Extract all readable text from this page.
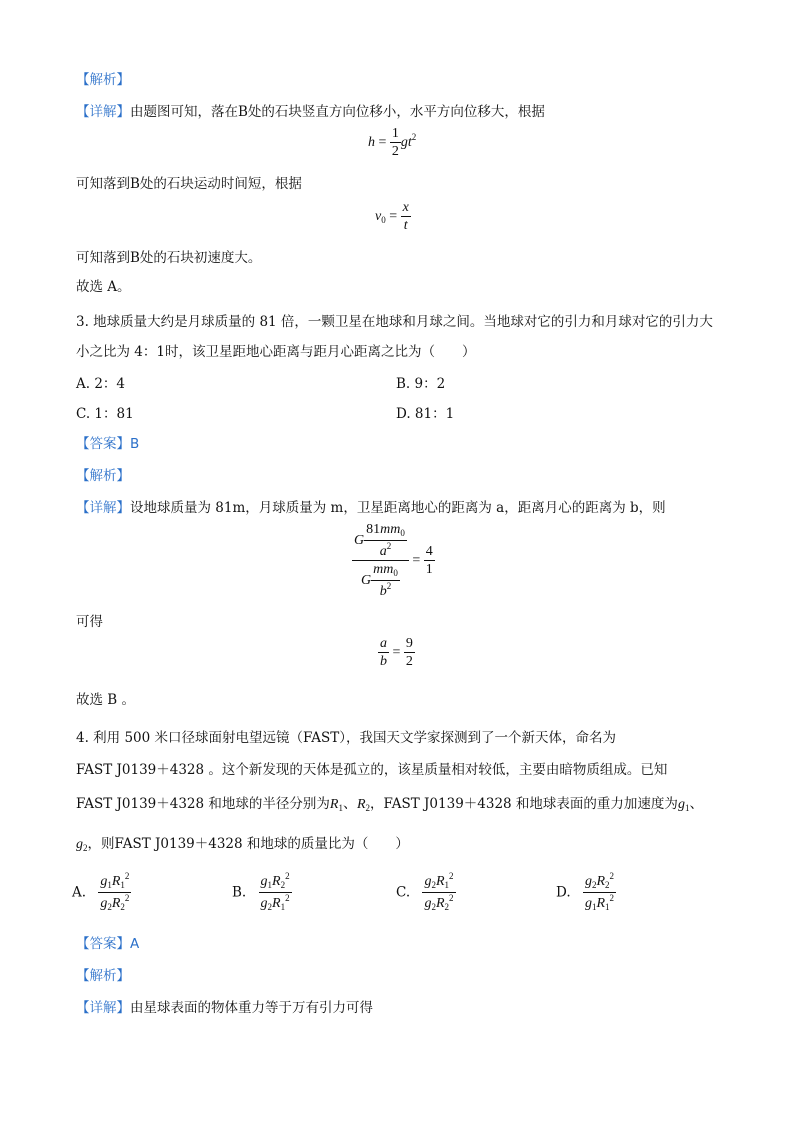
【解析】
【详解】由题图可知，落在B处的石块竖直方向位移小，水平方向位移大，根据
$h = \frac{1}{2} gt^2$
可知落到B处的石块运动时间短，根据
$v_0 = \frac{x}{t}$
可知落到B处的石块初速度大。
故选 A。
3. 地球质量大约是月球质量的 81 倍，一颗卫星在地球和月球之间。当地球对它的引力和月球对它的引力大
小之比为 4：1时，该卫星距地心距离与距月心距离之比为（　　）
A. 2：4	B. 9：2
C. 1：81	D. 81：1
【答案】B
【解析】
【详解】设地球质量为 81m，月球质量为 m，卫星距离地心的距离为 a，距离月心的距离为 b，则
$\frac{G \frac{81mm_0}{a^2}}{G \frac{mm_0}{b^2}} = \frac{4}{1}$
可得
$\frac{a}{b} = \frac{9}{2}$
故选 B 。
4. 利用 500 米口径球面射电望远镜（FAST），我国天文学家探测到了一个新天体，命名为
FAST J0139＋4328 。这个新发现的天体是孤立的，该星质量相对较低，主要由暗物质组成。已知
FAST J0139＋4328 和地球的半径分别为$R_1$、$R_2$，FAST J0139＋4328 和地球表面的重力加速度为$g_1$、
$g_2$，则FAST J0139＋4328 和地球的质量比为（　　）
A. $\frac{g_1R_1^2}{g_2R_2^2}$	B. $\frac{g_1R_2^2}{g_2R_1^2}$	C. $\frac{g_2R_1^2}{g_2R_2^2}$	D. $\frac{g_2R_2^2}{g_1R_1^2}$
【答案】A
【解析】
【详解】由星球表面的物体重力等于万有引力可得
